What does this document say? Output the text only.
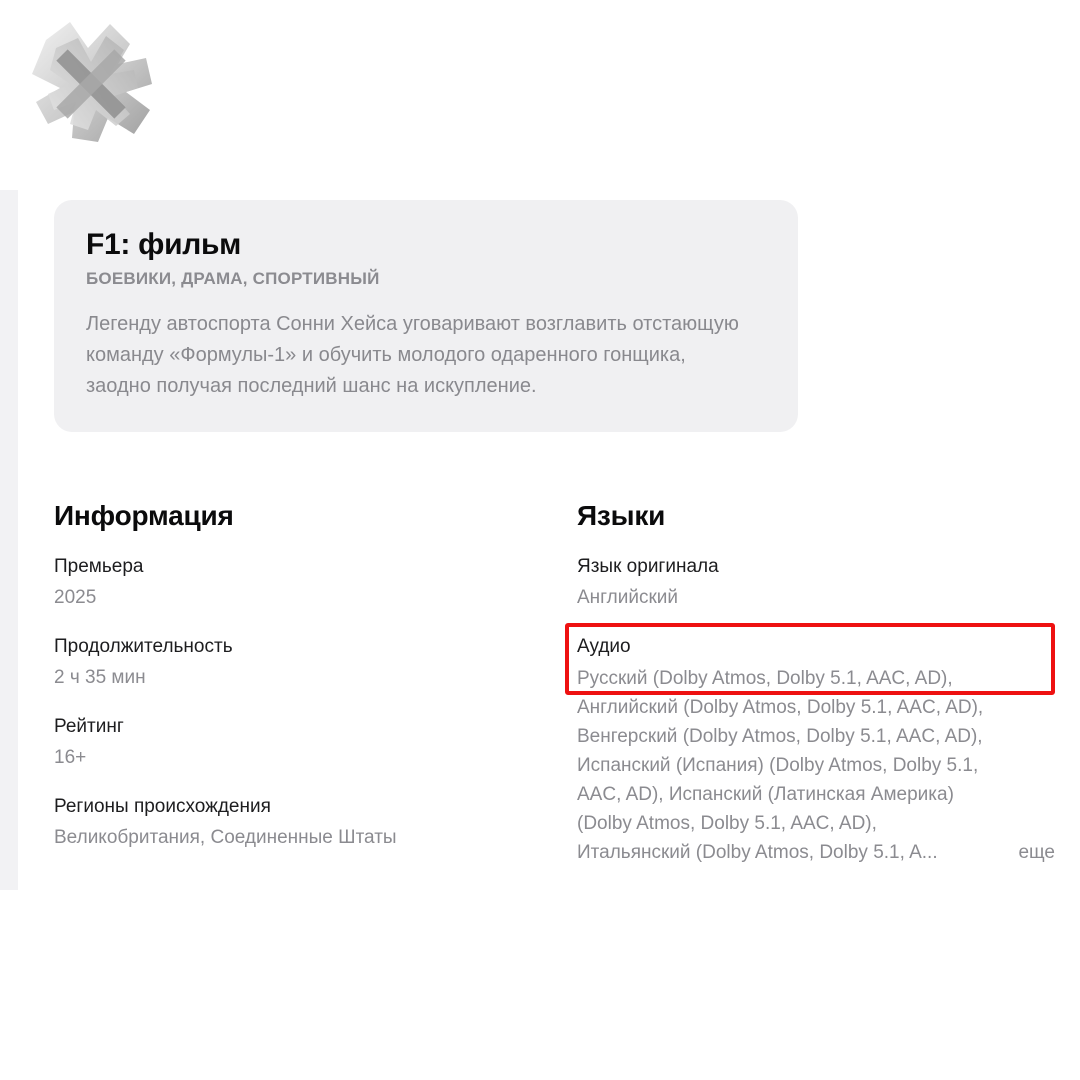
F1: фильм
БОЕВИКИ, ДРАМА, СПОРТИВНЫЙ

Легенду автоспорта Сонни Хейса уговаривают возглавить отстающую команду «Формулы-1» и обучить молодого одаренного гонщика, заодно получая последний шанс на искупление.

Информация
Премьера
2025
Продолжительность
2 ч 35 мин
Рейтинг
16+
Регионы происхождения
Великобритания, Соединенные Штаты
Языки
Язык оригинала
Английский
Аудио
Русский (Dolby Atmos, Dolby 5.1, AAC, AD),
Английский (Dolby Atmos, Dolby 5.1, AAC, AD),
Венгерский (Dolby Atmos, Dolby 5.1, AAC, AD),
Испанский (Испания) (Dolby Atmos, Dolby 5.1,
AAC, AD), Испанский (Латинская Америка)
(Dolby Atmos, Dolby 5.1, AAC, AD),
Итальянский (Dolby Atmos, Dolby 5.1, A...	еще
